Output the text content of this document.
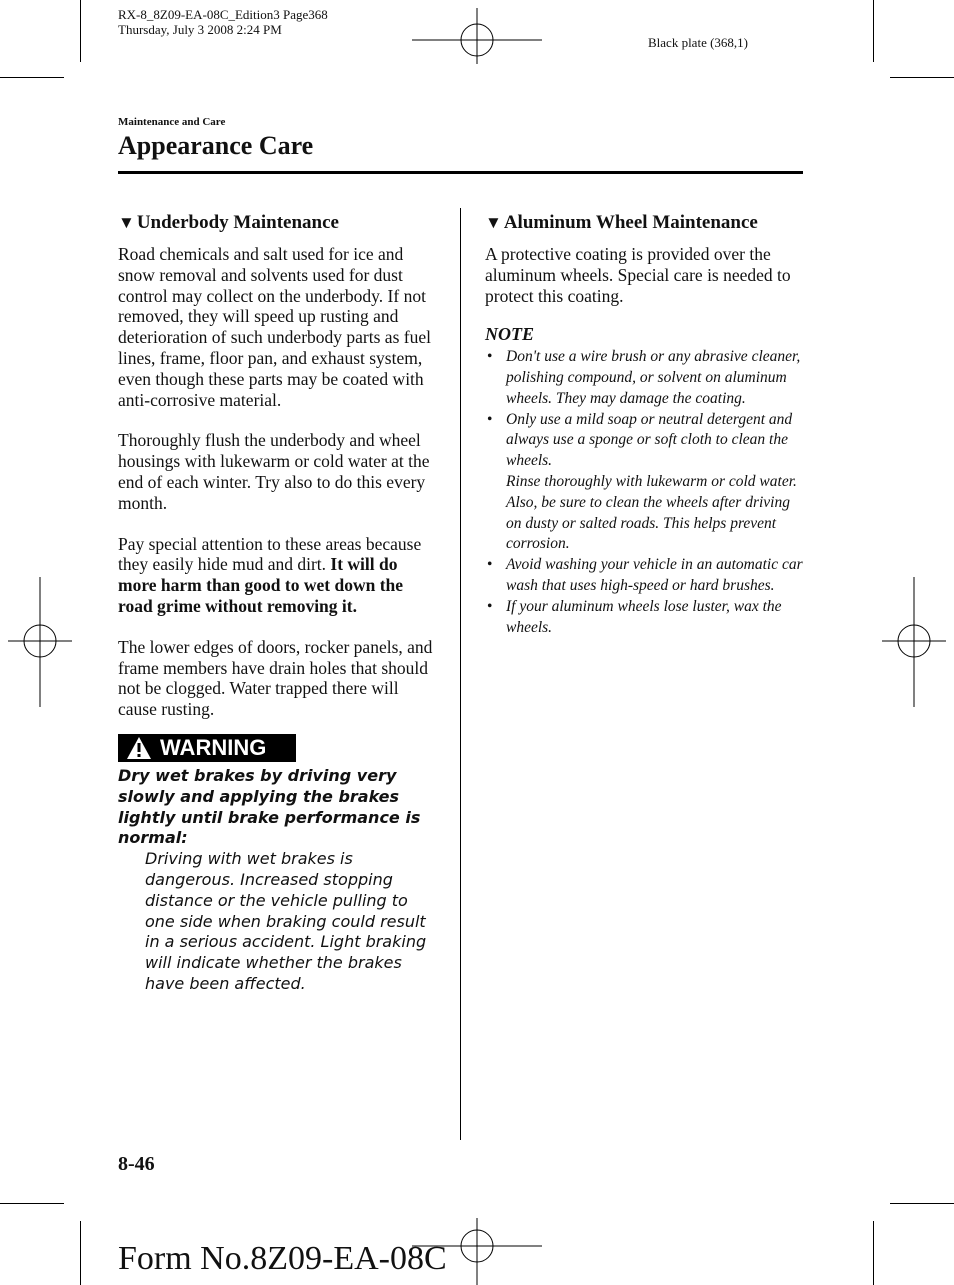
RX-8_8Z09-EA-08C_Edition3 Page368
Thursday, July 3 2008 2:24 PM
Black plate (368,1)
Maintenance and Care
Appearance Care
▼ Underbody Maintenance

Road chemicals and salt used for ice and snow removal and solvents used for dust control may collect on the underbody. If not removed, they will speed up rusting and deterioration of such underbody parts as fuel lines, frame, floor pan, and exhaust system, even though these parts may be coated with anti-corrosive material.

Thoroughly flush the underbody and wheel housings with lukewarm or cold water at the end of each winter. Try also to do this every month.

Pay special attention to these areas because they easily hide mud and dirt. It will do more harm than good to wet down the road grime without removing it.

The lower edges of doors, rocker panels, and frame members have drain holes that should not be clogged. Water trapped there will cause rusting.

WARNING
Dry wet brakes by driving very slowly and applying the brakes lightly until brake performance is normal:
Driving with wet brakes is dangerous. Increased stopping distance or the vehicle pulling to one side when braking could result in a serious accident. Light braking will indicate whether the brakes have been affected.
▼ Aluminum Wheel Maintenance

A protective coating is provided over the aluminum wheels. Special care is needed to protect this coating.

NOTE
• Don't use a wire brush or any abrasive cleaner, polishing compound, or solvent on aluminum wheels. They may damage the coating.
• Only use a mild soap or neutral detergent and always use a sponge or soft cloth to clean the wheels.
Rinse thoroughly with lukewarm or cold water. Also, be sure to clean the wheels after driving on dusty or salted roads. This helps prevent corrosion.
• Avoid washing your vehicle in an automatic car wash that uses high-speed or hard brushes.
• If your aluminum wheels lose luster, wax the wheels.
8-46
Form No.8Z09-EA-08C
